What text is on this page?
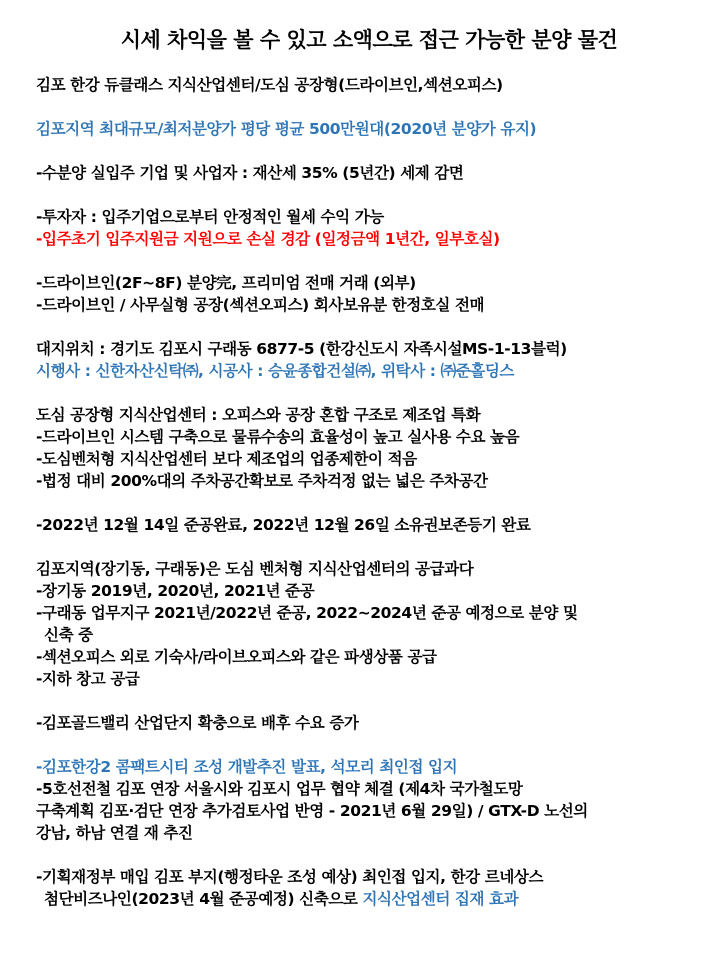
시세 차익을 볼 수 있고 소액으로 접근 가능한 분양 물건
김포 한강 듀클래스 지식산업센터/도심 공장형(드라이브인,섹션오피스)
김포지역 최대규모/최저분양가 평당 평균 500만원대(2020년 분양가 유지)
-수분양 실입주 기업 및 사업자 : 재산세 35% (5년간) 세제 감면
-투자자 : 입주기업으로부터 안정적인 월세 수익 가능
-입주초기 입주지원금 지원으로 손실 경감 (일정금액 1년간, 일부호실)
-드라이브인(2F~8F) 분양完, 프리미엄 전매 거래 (외부)
-드라이브인 / 사무실형 공장(섹션오피스) 회사보유분 한정호실 전매
대지위치 : 경기도 김포시 구래동 6877-5 (한강신도시 자족시설MS-1-13블럭)
시행사 : 신한자산신탁㈜, 시공사 : 승윤종합건설㈜, 위탁사 : ㈜준홀딩스
도심 공장형 지식산업센터 : 오피스와 공장 혼합 구조로 제조업 특화
-드라이브인 시스템 구축으로 물류수송의 효율성이 높고 실사용 수요 높음
-도심벤처형 지식산업센터 보다 제조업의 업종제한이 적음
-법정 대비 200%대의 주차공간확보로 주차걱정 없는 넓은 주차공간
-2022년 12월 14일 준공완료, 2022년 12월 26일 소유권보존등기 완료
김포지역(장기동, 구래동)은 도심 벤처형 지식산업센터의 공급과다
-장기동 2019년, 2020년, 2021년 준공
-구래동 업무지구 2021년/2022년 준공, 2022~2024년 준공 예정으로 분양 및
신축 중
-섹션오피스 외로 기숙사/라이브오피스와 같은 파생상품 공급
-지하 창고 공급
-김포골드밸리 산업단지 확충으로 배후 수요 증가
-김포한강2 콤팩트시티 조성 개발추진 발표, 석모리 최인접 입지
-5호선전철 김포 연장 서울시와 김포시 업무 협약 체결 (제4차 국가철도망
구축계획 김포·검단 연장 추가검토사업 반영 - 2021년 6월 29일) / GTX-D 노선의
강남, 하남 연결 재 추진
-기획재정부 매입 김포 부지(행정타운 조성 예상) 최인접 입지, 한강 르네상스
첨단비즈나인(2023년 4월 준공예정) 신축으로 지식산업센터 집재 효과
